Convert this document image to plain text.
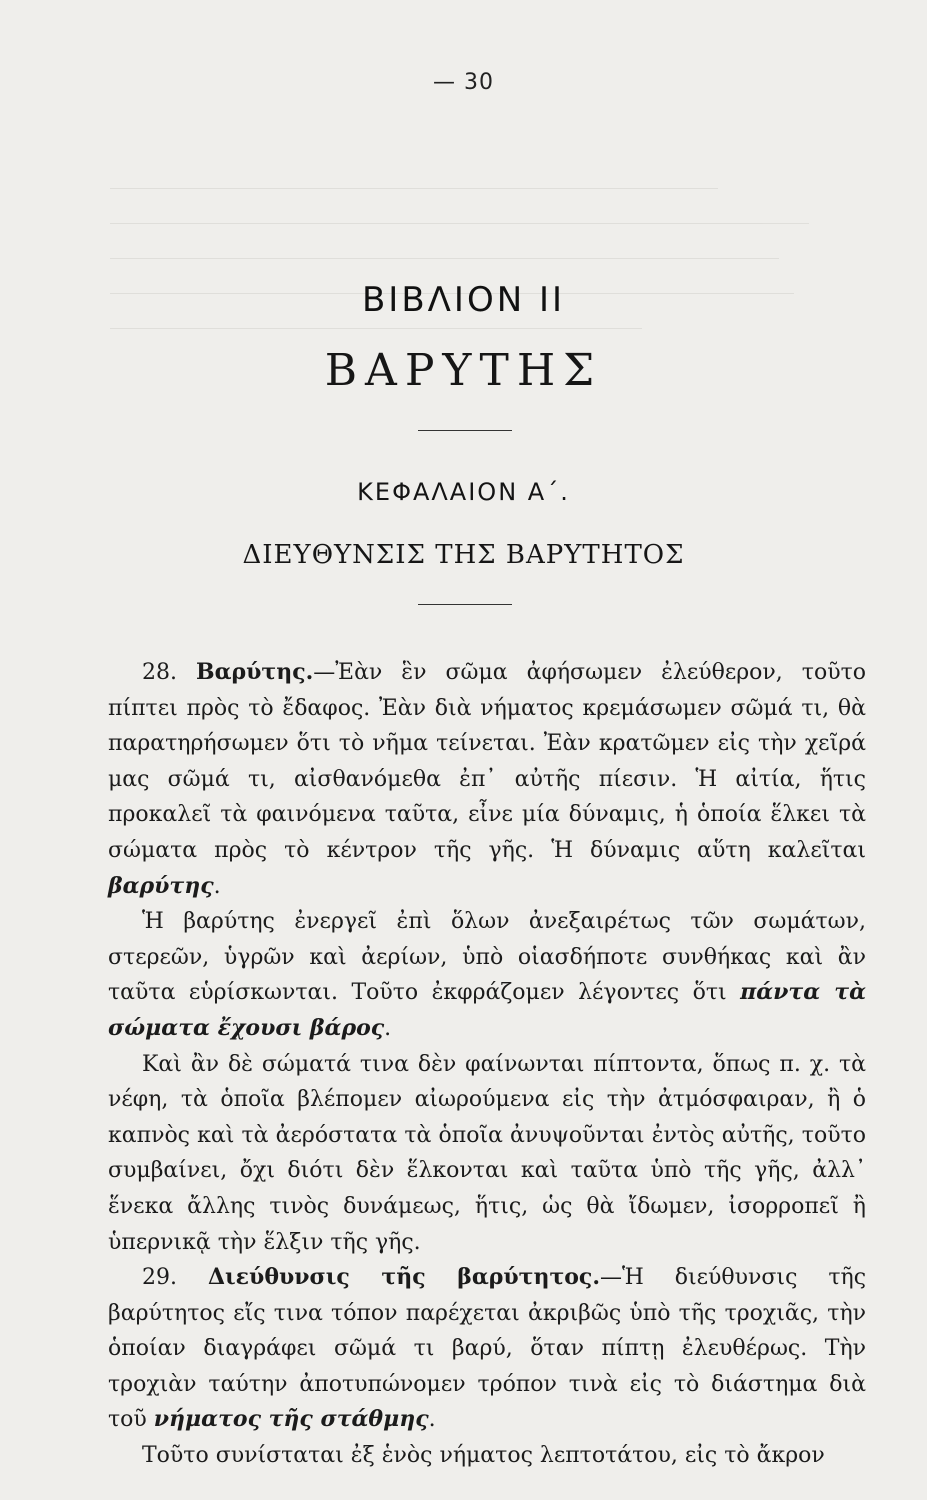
— 30
ΒΙΒΛΙΟΝ ΙΙ
ΒΑΡΥΤΗΣ
ΚΕΦΑΛΑΙΟΝ Α΄.
ΔΙΕΥΘΥΝΣΙΣ ΤΗΣ ΒΑΡΥΤΗΤΟΣ

28. Βαρύτης.—Ἐὰν ἓν σῶμα ἀφήσωμεν ἐλεύθερον, τοῦτο πίπτει πρὸς τὸ ἔδαφος. Ἐὰν διὰ νήματος κρεμάσωμεν σῶμά τι, θὰ παρατηρήσωμεν ὅτι τὸ νῆμα τείνεται. Ἐὰν κρατῶμεν εἰς τὴν χεῖρά μας σῶμά τι, αἰσθανόμεθα ἐπ᾿ αὐτῆς πίεσιν. Ἡ αἰτία, ἥτις προκαλεῖ τὰ φαινόμενα ταῦτα, εἶνε μία δύναμις, ἡ ὁποία ἕλκει τὰ σώματα πρὸς τὸ κέντρον τῆς γῆς. Ἡ δύναμις αὕτη καλεῖται βαρύτης.

Ἡ βαρύτης ἐνεργεῖ ἐπὶ ὅλων ἀνεξαιρέτως τῶν σωμάτων, στερεῶν, ὑγρῶν καὶ ἀερίων, ὑπὸ οἱασδήποτε συνθήκας καὶ ἂν ταῦτα εὑρίσκωνται. Τοῦτο ἐκφράζομεν λέγοντες ὅτι πάντα τὰ σώματα ἔχουσι βάρος.

Καὶ ἂν δὲ σώματά τινα δὲν φαίνωνται πίπτοντα, ὅπως π. χ. τὰ νέφη, τὰ ὁποῖα βλέπομεν αἰωρούμενα εἰς τὴν ἀτμόσφαιραν, ἢ ὁ καπνὸς καὶ τὰ ἀερόστατα τὰ ὁποῖα ἀνυψοῦνται ἐντὸς αὐτῆς, τοῦτο συμβαίνει, ὄχι διότι δὲν ἕλκονται καὶ ταῦτα ὑπὸ τῆς γῆς, ἀλλ᾿ ἕνεκα ἄλλης τινὸς δυνάμεως, ἥτις, ὡς θὰ ἴδωμεν, ἰσορροπεῖ ἢ ὑπερνικᾷ τὴν ἕλξιν τῆς γῆς.

29. Διεύθυνσις τῆς βαρύτητος.—Ἡ διεύθυνσις τῆς βαρύτητος εἴς τινα τόπον παρέχεται ἀκριβῶς ὑπὸ τῆς τροχιᾶς, τὴν ὁποίαν διαγράφει σῶμά τι βαρύ, ὅταν πίπτῃ ἐλευθέρως. Τὴν τροχιὰν ταύτην ἀποτυπώνομεν τρόπον τινὰ εἰς τὸ διάστημα διὰ τοῦ νήματος τῆς στάθμης.

Τοῦτο συνίσταται ἐξ ἑνὸς νήματος λεπτοτάτου, εἰς τὸ ἄκρον
